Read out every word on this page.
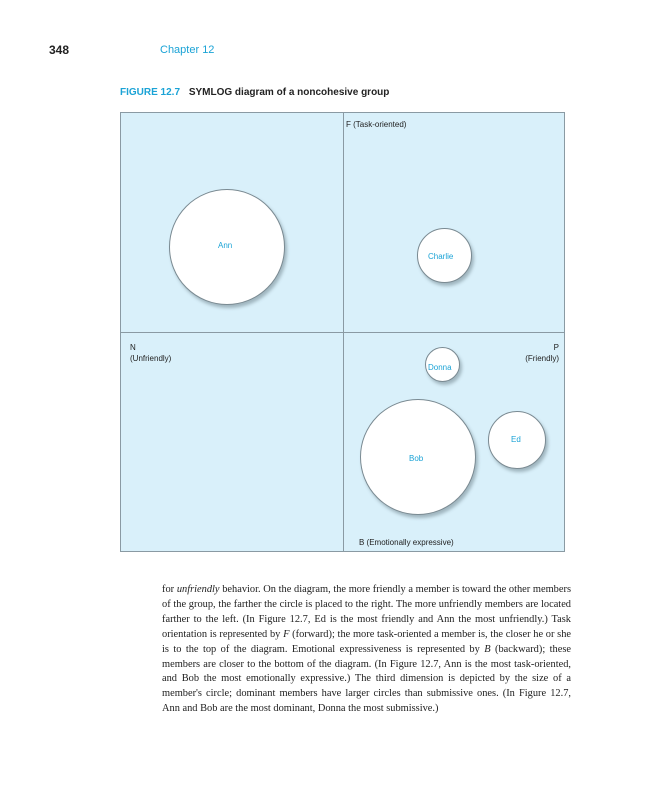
348	Chapter 12
FIGURE 12.7 SYMLOG diagram of a noncohesive group
F (Task-oriented)
B (Emotionally expressive)
N
(Unfriendly)
P
(Friendly)
Ann
Charlie
Donna
Bob
Ed
for unfriendly behavior. On the diagram, the more friendly a member is toward the other members of the group, the farther the circle is placed to the right. The more unfriendly members are located farther to the left. (In Figure 12.7, Ed is the most friendly and Ann the most unfriendly.) Task orientation is represented by F (forward); the more task-oriented a member is, the closer he or she is to the top of the diagram. Emotional expressiveness is represented by B (backward); these members are closer to the bottom of the diagram. (In Figure 12.7, Ann is the most task-oriented, and Bob the most emotionally expressive.) The third dimension is depicted by the size of a member's circle; dominant members have larger circles than submissive ones. (In Figure 12.7, Ann and Bob are the most dominant, Donna the most submissive.)
